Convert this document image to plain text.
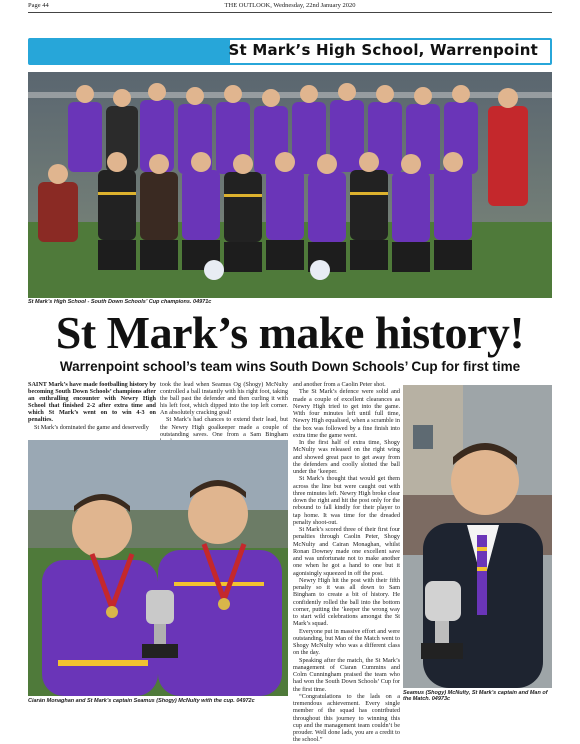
Page 44	THE OUTLOOK, Wednesday, 22nd January 2020
St Mark’s High School, Warrenpoint
St Mark’s High School - South Down Schools’ Cup champions. 04971c
St Mark’s make history!
Warrenpoint school’s team wins South Down Schools’ Cup for first time

SAINT Mark’s have made footballing history by becoming South Down Schools’ champions after an enthralling encounter with Newry High School that finished 2-2 after extra time and which St Mark’s went on to win 4-3 on penalties.

St Mark’s dominated the game and deservedly

took the lead when Seamus Og (Shogy) McNulty controlled a ball instantly with his right foot, taking the ball past the defender and then curling it with his left foot, which dipped into the top left corner. An absolutely cracking goal!

St Mark’s had chances to extend their lead, but the Newry High goalkeeper made a couple of outstanding saves. One from a Sam Bingham

Ciarán Monaghan and St Mark’s captain Seamus (Shogy) McNulty with the cup. 04972c

and another from a Caolin Peter shot.

The St Mark’s defence were solid and made a couple of excellent clearances as Newry High tried to get into the game. With four minutes left until full time, Newry High equalised, when a scramble in the box was followed by a fine finish into extra time the game went.

In the first half of extra time, Shogy McNulty was released on the right wing and showed great pace to get away from the defenders and coolly slotted the ball under the ’keeper.

St Mark’s thought that would get them across the line but were caught out with three minutes left. Newry High broke clear down the right and hit the post only for the rebound to fall kindly for their player to tap home. It was time for the dreaded penalty shoot-out.

St Mark’s scored three of their first four penalties through Caolin Peter, Shogy McNulty and Cairan Monaghan, whilst Ronan Downey made one excellent save and was unfortunate not to make another one when he got a hand to one but it agonisingly squeezed in off the post.

Newry High hit the post with their fifth penalty so it was all down to Sam Bingham to create a bit of history. He confidently rolled the ball into the bottom corner, putting the ’keeper the wrong way to start wild celebrations amongst the St Mark’s squad.

Everyone put in massive effort and were outstanding, but Man of the Match went to Shogy McNulty who was a different class on the day.

Speaking after the match, the St Mark’s management of Ciaran Cummins and Colm Cunningham praised the team who had won the South Down Schools’ Cup for the first time.

“Congratulations to the lads on a tremendous achievement. Every single member of the squad has contributed throughout this journey to winning this cup and the management team couldn’t be prouder. Well done lads, you are a credit to the school.”

Seamus (Shogy) McNulty, St Mark’s captain and Man of the Match. 04973c
